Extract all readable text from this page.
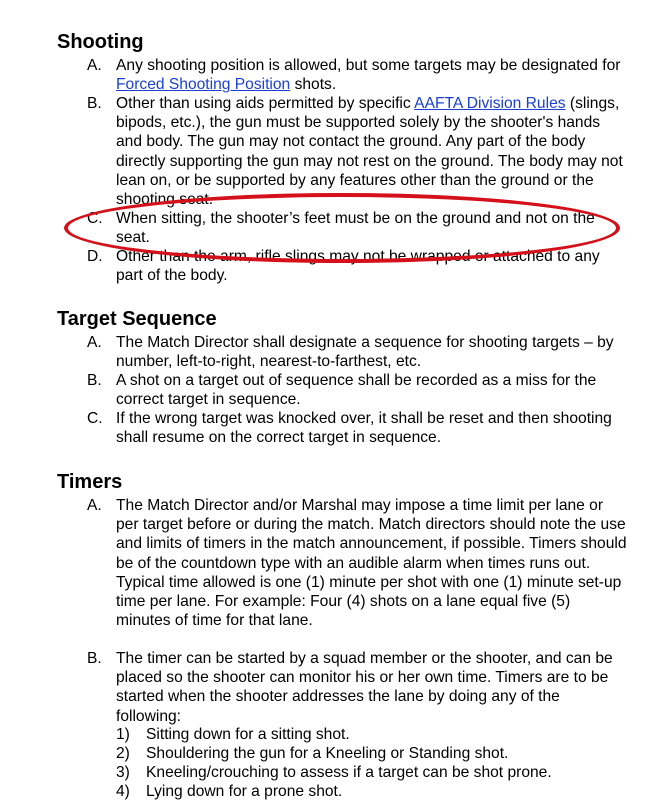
Shooting
A. Any shooting position is allowed, but some targets may be designated for Forced Shooting Position shots.
B. Other than using aids permitted by specific AAFTA Division Rules (slings, bipods, etc.), the gun must be supported solely by the shooter's hands and body. The gun may not contact the ground. Any part of the body directly supporting the gun may not rest on the ground. The body may not lean on, or be supported by any features other than the ground or the shooting seat.
C. When sitting, the shooter’s feet must be on the ground and not on the seat.
D. Other than the arm, rifle slings may not be wrapped or attached to any part of the body.
Target Sequence
A. The Match Director shall designate a sequence for shooting targets – by number, left-to-right, nearest-to-farthest, etc.
B. A shot on a target out of sequence shall be recorded as a miss for the correct target in sequence.
C. If the wrong target was knocked over, it shall be reset and then shooting shall resume on the correct target in sequence.
Timers
A. The Match Director and/or Marshal may impose a time limit per lane or per target before or during the match. Match directors should note the use and limits of timers in the match announcement, if possible. Timers should be of the countdown type with an audible alarm when times runs out. Typical time allowed is one (1) minute per shot with one (1) minute set-up time per lane. For example: Four (4) shots on a lane equal five (5) minutes of time for that lane.
B. The timer can be started by a squad member or the shooter, and can be placed so the shooter can monitor his or her own time. Timers are to be started when the shooter addresses the lane by doing any of the following:
1)	Sitting down for a sitting shot.
2)	Shouldering the gun for a Kneeling or Standing shot.
3)	Kneeling/crouching to assess if a target can be shot prone.
4)	Lying down for a prone shot.
